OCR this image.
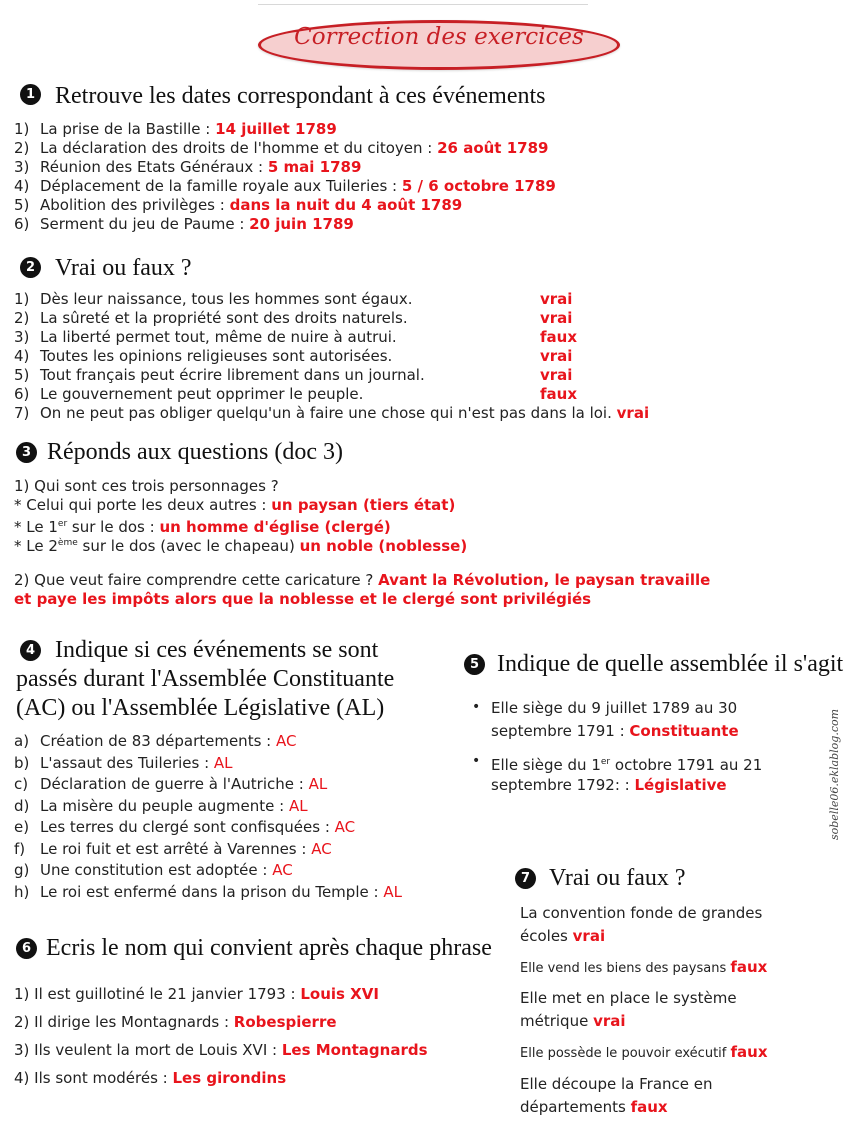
Correction des exercices
1 Retrouve les dates correspondant à ces événements
1) La prise de la Bastille : 14 juillet 1789
2) La déclaration des droits de l'homme et du citoyen : 26 août 1789
3) Réunion des Etats Généraux : 5 mai 1789
4) Déplacement de la famille royale aux Tuileries : 5 / 6 octobre 1789
5) Abolition des privilèges : dans la nuit du 4 août 1789
6) Serment du jeu de Paume : 20 juin 1789
2 Vrai ou faux ?
1) Dès leur naissance, tous les hommes sont égaux.	vrai
2) La sûreté et la propriété sont des droits naturels.	vrai
3) La liberté permet tout, même de nuire à autrui.	faux
4) Toutes les opinions religieuses sont autorisées.	vrai
5) Tout français peut écrire librement dans un journal.	vrai
6) Le gouvernement peut opprimer le peuple.	faux
7) On ne peut pas obliger quelqu'un à faire une chose qui n'est pas dans la loi. vrai
3 Réponds aux questions (doc 3)
1) Qui sont ces trois personnages ?
* Celui qui porte les deux autres : un paysan (tiers état)
* Le 1er sur le dos : un homme d'église (clergé)
* Le 2ème sur le dos (avec le chapeau) un noble (noblesse)
2) Que veut faire comprendre cette caricature ? Avant la Révolution, le paysan travaille
et paye les impôts alors que la noblesse et le clergé sont privilégiés
4 Indique si ces événements se sont
passés durant l'Assemblée Constituante
(AC) ou l'Assemblée Législative (AL)
a) Création de 83 départements : AC
b) L'assaut des Tuileries : AL
c) Déclaration de guerre à l'Autriche : AL
d) La misère du peuple augmente : AL
e) Les terres du clergé sont confisquées : AC
f) Le roi fuit et est arrêté à Varennes : AC
g) Une constitution est adoptée : AC
h) Le roi est enfermé dans la prison du Temple : AL
5 Indique de quelle assemblée il s'agit
• Elle siège du 9 juillet 1789 au 30
septembre 1791 : Constituante
• Elle siège du 1er octobre 1791 au 21
septembre 1792: : Législative	sobelle06.eklablog.com
6 Ecris le nom qui convient après chaque phrase
1) Il est guillotiné le 21 janvier 1793 : Louis XVI
2) Il dirige les Montagnards : Robespierre
3) Ils veulent la mort de Louis XVI : Les Montagnards
4) Ils sont modérés : Les girondins
7 Vrai ou faux ?
La convention fonde de grandes
écoles vrai
Elle vend les biens des paysans faux
Elle met en place le système
métrique vrai
Elle possède le pouvoir exécutif faux
Elle découpe la France en
départements faux
